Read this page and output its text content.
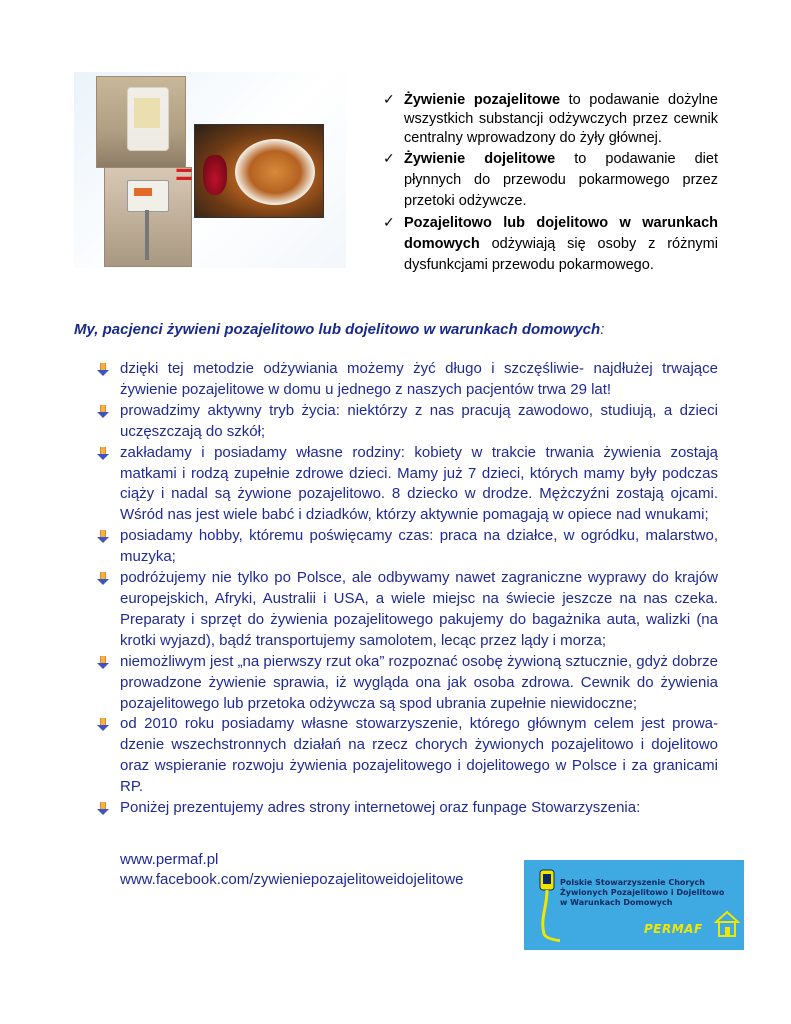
=
✓ Żywienie pozajelitowe to podawanie dożylne wszystkich substancji odżywczych przez cewnik centralny wprowadzony do żyły głównej.
✓ Żywienie dojelitowe to podawanie diet płynnych do przewodu pokarmowego przez przetoki odżywcze.
✓ Pozajelitowo lub dojelitowo w warunkach domowych odżywiają się osoby z różnymi dysfunkcjami przewodu pokarmowego.
My, pacjenci żywieni pozajelitowo lub dojelitowo w warunkach domowych:
dzięki tej metodzie odżywiania możemy żyć długo i szczęśliwie- najdłużej trwające żywienie pozajelitowe w domu u jednego z naszych pacjentów trwa 29 lat!
prowadzimy aktywny tryb życia: niektórzy z nas pracują zawodowo, studiują, a dzieci uczęszczają do szkół;
zakładamy i posiadamy własne rodziny: kobiety w trakcie trwania żywienia zostają matkami i rodzą zupełnie zdrowe dzieci. Mamy już 7 dzieci, których mamy były podczas ciąży i nadal są żywione pozajelitowo. 8 dziecko w drodze. Mężczyźni zostają ojcami. Wśród nas jest wiele babć i dziadków, którzy aktywnie pomagają w opiece nad wnukami;
posiadamy hobby, któremu poświęcamy czas: praca na działce, w ogródku, malarstwo, muzyka;
podróżujemy nie tylko po Polsce, ale odbywamy nawet zagraniczne wyprawy do krajów europejskich, Afryki, Australii i USA, a wiele miejsc na świecie jeszcze na nas czeka. Preparaty i sprzęt do żywienia pozajelitowego pakujemy do bagażnika auta, walizki (na krotki wyjazd), bądź transportujemy samolotem, lecąc przez lądy i morza;
niemożliwym jest „na pierwszy rzut oka” rozpoznać osobę żywioną sztucznie, gdyż dobrze prowadzone żywienie sprawia, iż wygląda ona jak osoba zdrowa. Cewnik do żywienia pozajelitowego lub przetoka odżywcza są spod ubrania zupełnie niewidoczne;
od 2010 roku posiadamy własne stowarzyszenie, którego głównym celem jest prowadzenie wszechstronnych działań na rzecz chorych żywionych pozajelitowo i dojelitowo oraz wspieranie rozwoju żywienia pozajelitowego i dojelitowego w Polsce i za granicami RP.
Poniżej prezentujemy adres strony internetowej oraz funpage Stowarzyszenia:
www.permaf.pl
www.facebook.com/zywieniepozajelitoweidojelitowe	Polskie Stowarzyszenie Chorych
Żywionych Pozajelitowo i Dojelitowo
w Warunkach Domowych
PERMAF
